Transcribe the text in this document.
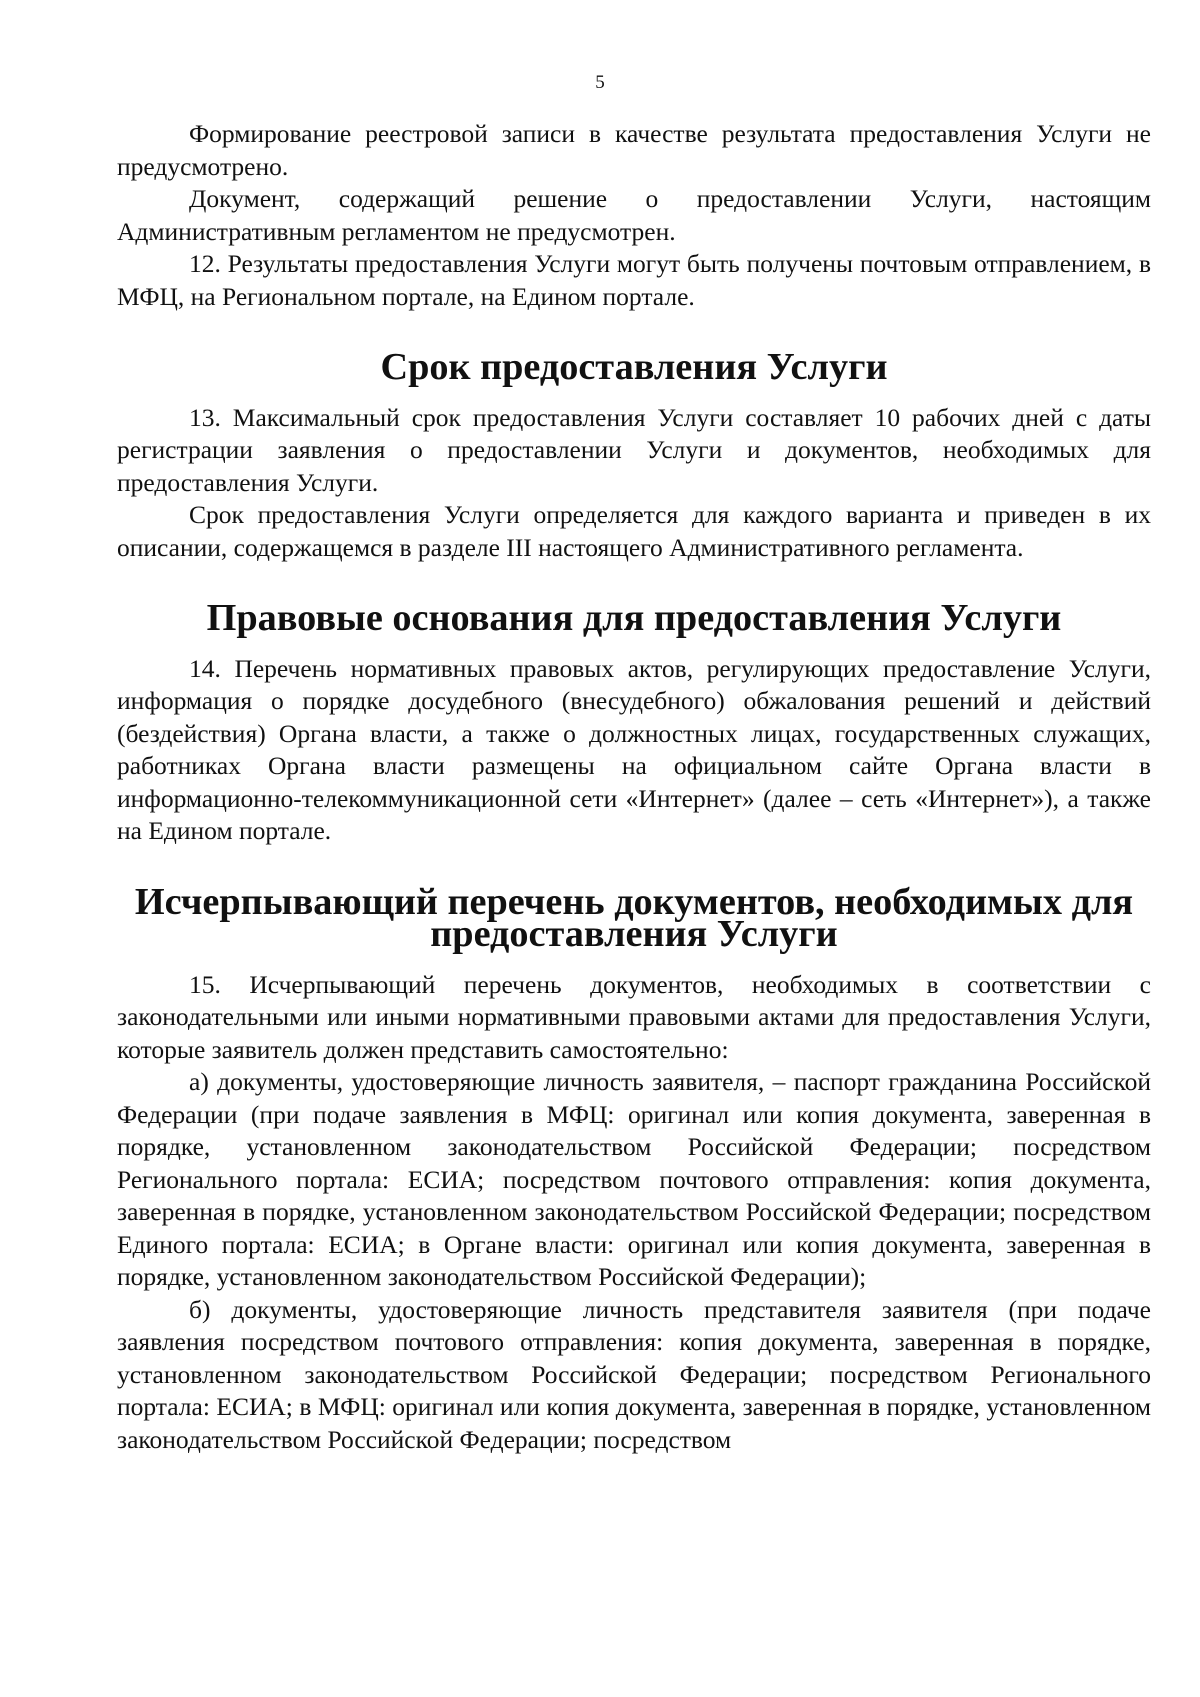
5

Формирование реестровой записи в качестве результата предоставления Услуги не предусмотрено.

Документ, содержащий решение о предоставлении Услуги, настоящим Административным регламентом не предусмотрен.

12. Результаты предоставления Услуги могут быть получены почтовым отправлением, в МФЦ, на Региональном портале, на Едином портале.

Срок предоставления Услуги

13. Максимальный срок предоставления Услуги составляет 10 рабочих дней с даты регистрации заявления о предоставлении Услуги и документов, необходимых для предоставления Услуги.

Срок предоставления Услуги определяется для каждого варианта и приведен в их описании, содержащемся в разделе III настоящего Административного регламента.

Правовые основания для предоставления Услуги

14. Перечень нормативных правовых актов, регулирующих предоставление Услуги, информация о порядке досудебного (внесудебного) обжалования решений и действий (бездействия) Органа власти, а также о должностных лицах, государственных служащих, работниках Органа власти размещены на официальном сайте Органа власти в информационно-телекоммуникационной сети «Интернет» (далее – сеть «Интернет»), а также на Едином портале.

Исчерпывающий перечень документов, необходимых для предоставления Услуги

15. Исчерпывающий перечень документов, необходимых в соответствии с законодательными или иными нормативными правовыми актами для предоставления Услуги, которые заявитель должен представить самостоятельно:

а) документы, удостоверяющие личность заявителя, – паспорт гражданина Российской Федерации (при подаче заявления в МФЦ: оригинал или копия документа, заверенная в порядке, установленном законодательством Российской Федерации; посредством Регионального портала: ЕСИА; посредством почтового отправления: копия документа, заверенная в порядке, установленном законодательством Российской Федерации; посредством Единого портала: ЕСИА; в Органе власти: оригинал или копия документа, заверенная в порядке, установленном законодательством Российской Федерации);

б) документы, удостоверяющие личность представителя заявителя (при подаче заявления посредством почтового отправления: копия документа, заверенная в порядке, установленном законодательством Российской Федерации; посредством Регионального портала: ЕСИА; в МФЦ: оригинал или копия документа, заверенная в порядке, установленном законодательством Российской Федерации; посредством
